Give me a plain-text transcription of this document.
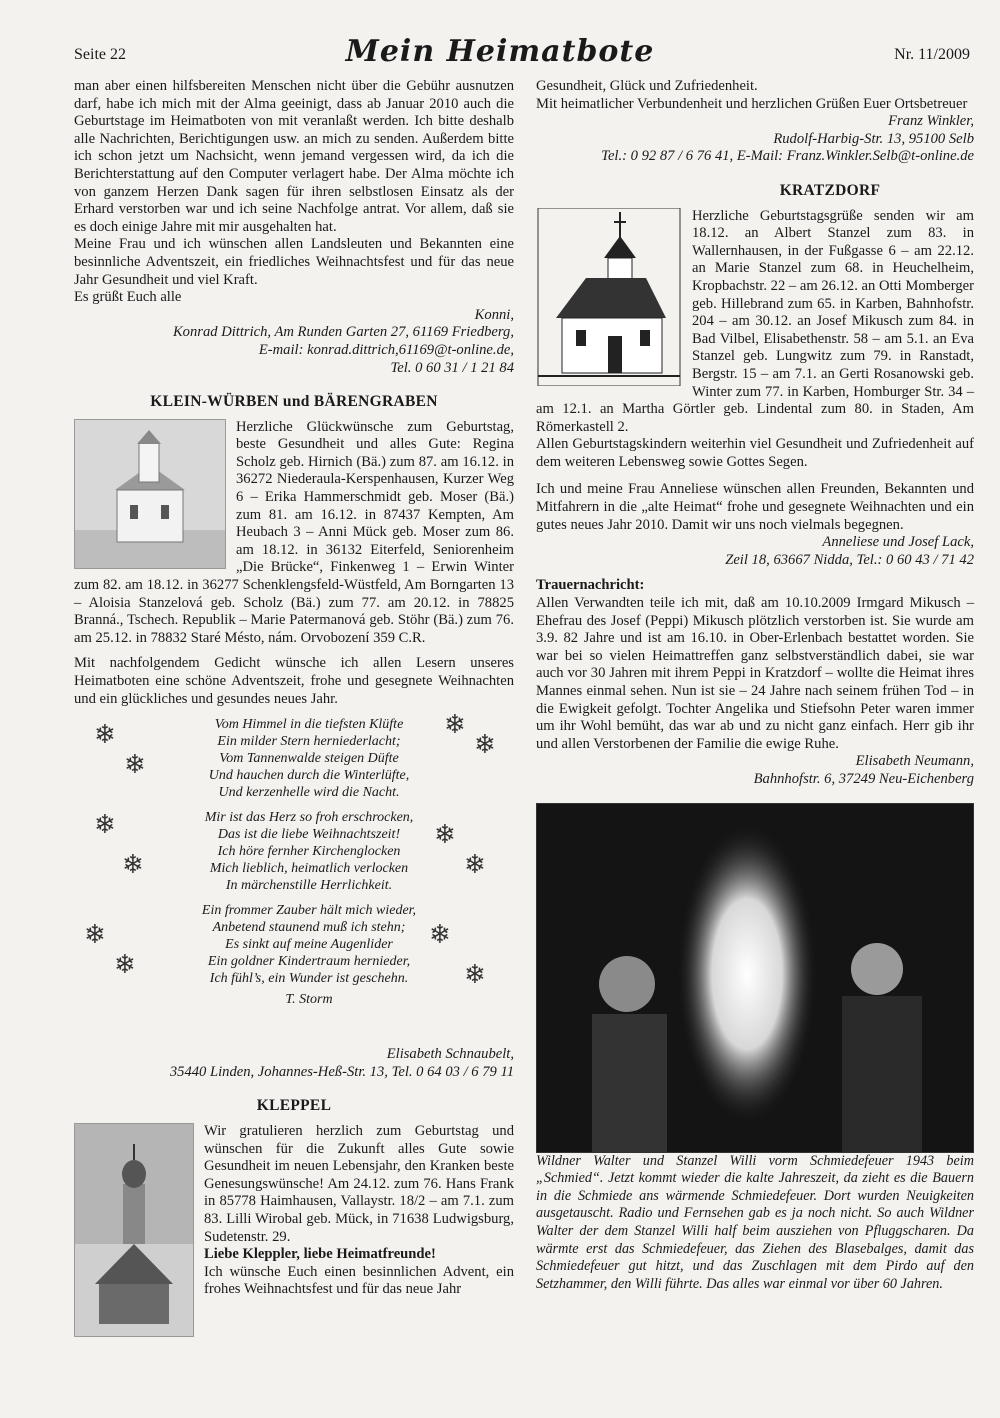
Seite 22	Mein Heimatbote	Nr. 11/2009

man aber einen hilfsbereiten Menschen nicht über die Gebühr ausnutzen darf, habe ich mich mit der Alma geeinigt, dass ab Januar 2010 auch die Geburtstage im Heimatboten von mit veranlaßt werden. Ich bitte deshalb alle Nachrichten, Berichtigungen usw. an mich zu senden. Außerdem bitte ich schon jetzt um Nachsicht, wenn jemand vergessen wird, da ich die Berichterstattung auf den Computer verlagert habe. Der Alma möchte ich von ganzem Herzen Dank sagen für ihren selbstlosen Einsatz als der Erhard verstorben war und ich seine Nachfolge antrat. Vor allem, daß sie es doch einige Jahre mit mir ausgehalten hat.

Meine Frau und ich wünschen allen Landsleuten und Bekannten eine besinnliche Adventszeit, ein friedliches Weihnachtsfest und für das neue Jahr Gesundheit und viel Kraft.

Es grüßt Euch alle

Konni,

Konrad Dittrich, Am Runden Garten 27, 61169 Friedberg,

E-mail: konrad.dittrich,61169@t-online.de,

Tel. 0 60 31 / 1 21 84

KLEIN-WÜRBEN und BÄRENGRABEN

Herzliche Glückwünsche zum Geburtstag, beste Gesundheit und alles Gute: Regina Scholz geb. Hirnich (Bä.) zum 87. am 16.12. in 36272 Niederaula-Kerspenhausen, Kurzer Weg 6 – Erika Hammerschmidt geb. Moser (Bä.) zum 81. am 16.12. in 87437 Kempten, Am Heubach 3 – Anni Mück geb. Moser zum 86. am 18.12. in 36132 Eiterfeld, Seniorenheim „Die Brücke“, Finkenweg 1 – Erwin Winter zum 82. am 18.12. in 36277 Schenklengsfeld-Wüstfeld, Am Borngarten 13 – Aloisia Stanzelová geb. Scholz (Bä.) zum 77. am 20.12. in 78825 Branná., Tschech. Republik – Marie Patermanová geb. Stöhr (Bä.) zum 76. am 25.12. in 78832 Staré Mésto, nám. Orvobození 359 C.R.

Mit nachfolgendem Gedicht wünsche ich allen Lesern unseres Heimatboten eine schöne Adventszeit, frohe und gesegnete Weihnachten und ein glückliches und gesundes neues Jahr.

❄
❄
❄
❄
❄
❄
❄
❄
❄
❄
❄
❄
Vom Himmel in die tiefsten Klüfte
Ein milder Stern herniederlacht;
Vom Tannenwalde steigen Düfte
Und hauchen durch die Winterlüfte,
Und kerzenhelle wird die Nacht.
Mir ist das Herz so froh erschrocken,
Das ist die liebe Weihnachtszeit!
Ich höre fernher Kirchenglocken
Mich lieblich, heimatlich verlocken
In märchenstille Herrlichkeit.
Ein frommer Zauber hält mich wieder,
Anbetend staunend muß ich stehn;
Es sinkt auf meine Augenlider
Ein goldner Kindertraum hernieder,
Ich fühl’s, ein Wunder ist geschehn.
T. Storm

Elisabeth Schnaubelt,

35440 Linden, Johannes-Heß-Str. 13, Tel. 0 64 03 / 6 79 11

KLEPPEL

Wir gratulieren herzlich zum Geburtstag und wünschen für die Zukunft alles Gute sowie Gesundheit im neuen Lebensjahr, den Kranken beste Genesungswünsche! Am 24.12. zum 76. Hans Frank in 85778 Haimhausen, Vallaystr. 18/2 – am 7.1. zum 83. Lilli Wirobal geb. Mück, in 71638 Ludwigsburg, Sudetenstr. 29.

Liebe Kleppler, liebe Heimatfreunde!

Ich wünsche Euch einen besinnlichen Advent, ein frohes Weihnachtsfest und für das neue Jahr

Gesundheit, Glück und Zufriedenheit.

Mit heimatlicher Verbundenheit und herzlichen Grüßen Euer Ortsbetreuer

Franz Winkler,

Rudolf-Harbig-Str. 13, 95100 Selb

Tel.: 0 92 87 / 6 76 41, E-Mail: Franz.Winkler.Selb@t-online.de

KRATZDORF

Herzliche Geburtstagsgrüße senden wir am 18.12. an Albert Stanzel zum 83. in Wallernhausen, in der Fußgasse 6 – am 22.12. an Marie Stanzel zum 68. in Heuchelheim, Kropbachstr. 22 – am 26.12. an Otti Momberger geb. Hillebrand zum 65. in Karben, Bahnhofstr. 204 – am 30.12. an Josef Mikusch zum 84. in Bad Vilbel, Elisabethenstr. 58 – am 5.1. an Eva Stanzel geb. Lungwitz zum 79. in Ranstadt, Bergstr. 15 – am 7.1. an Gerti Rosanowski geb. Winter zum 77. in Karben, Homburger Str. 34 – am 12.1. an Martha Görtler geb. Lindental zum 80. in Staden, Am Römerkastell 2.

Allen Geburtstagskindern weiterhin viel Gesundheit und Zufriedenheit auf dem weiteren Lebensweg sowie Gottes Segen.

Ich und meine Frau Anneliese wünschen allen Freunden, Bekannten und Mitfahrern in die „alte Heimat“ frohe und gesegnete Weihnachten und ein gutes neues Jahr 2010. Damit wir uns noch vielmals begegnen.

Anneliese und Josef Lack,

Zeil 18, 63667 Nidda, Tel.: 0 60 43 / 71 42

Trauernachricht:

Allen Verwandten teile ich mit, daß am 10.10.2009 Irmgard Mikusch – Ehefrau des Josef (Peppi) Mikusch plötzlich verstorben ist. Sie wurde am 3.9. 82 Jahre und ist am 16.10. in Ober-Erlenbach bestattet worden. Sie war bei so vielen Heimattreffen ganz selbstverständlich dabei, sie war auch vor 30 Jahren mit ihrem Peppi in Kratzdorf – wollte die Heimat ihres Mannes einmal sehen. Nun ist sie – 24 Jahre nach seinem frühen Tod – in die Ewigkeit gefolgt. Tochter Angelika und Stiefsohn Peter waren immer um ihr Wohl bemüht, das war ab und zu nicht ganz einfach. Herr gib ihr und allen Verstorbenen der Familie die ewige Ruhe.

Elisabeth Neumann,

Bahnhofstr. 6, 37249 Neu-Eichenberg

Wildner Walter und Stanzel Willi vorm Schmiedefeuer 1943 beim „Schmied“. Jetzt kommt wieder die kalte Jahreszeit, da zieht es die Bauern in die Schmiede ans wärmende Schmiedefeuer. Dort wurden Neuigkeiten ausgetauscht. Radio und Fernsehen gab es ja noch nicht. So auch Wildner Walter der dem Stanzel Willi half beim ausziehen von Pfluggscharen. Da wärmte erst das Schmiedefeuer, das Ziehen des Blasebalges, damit das Schmiedefeuer gut hitzt, und das Zuschlagen mit dem Pirdo auf den Setzhammer, den Willi führte. Das alles war einmal vor über 60 Jahren.
